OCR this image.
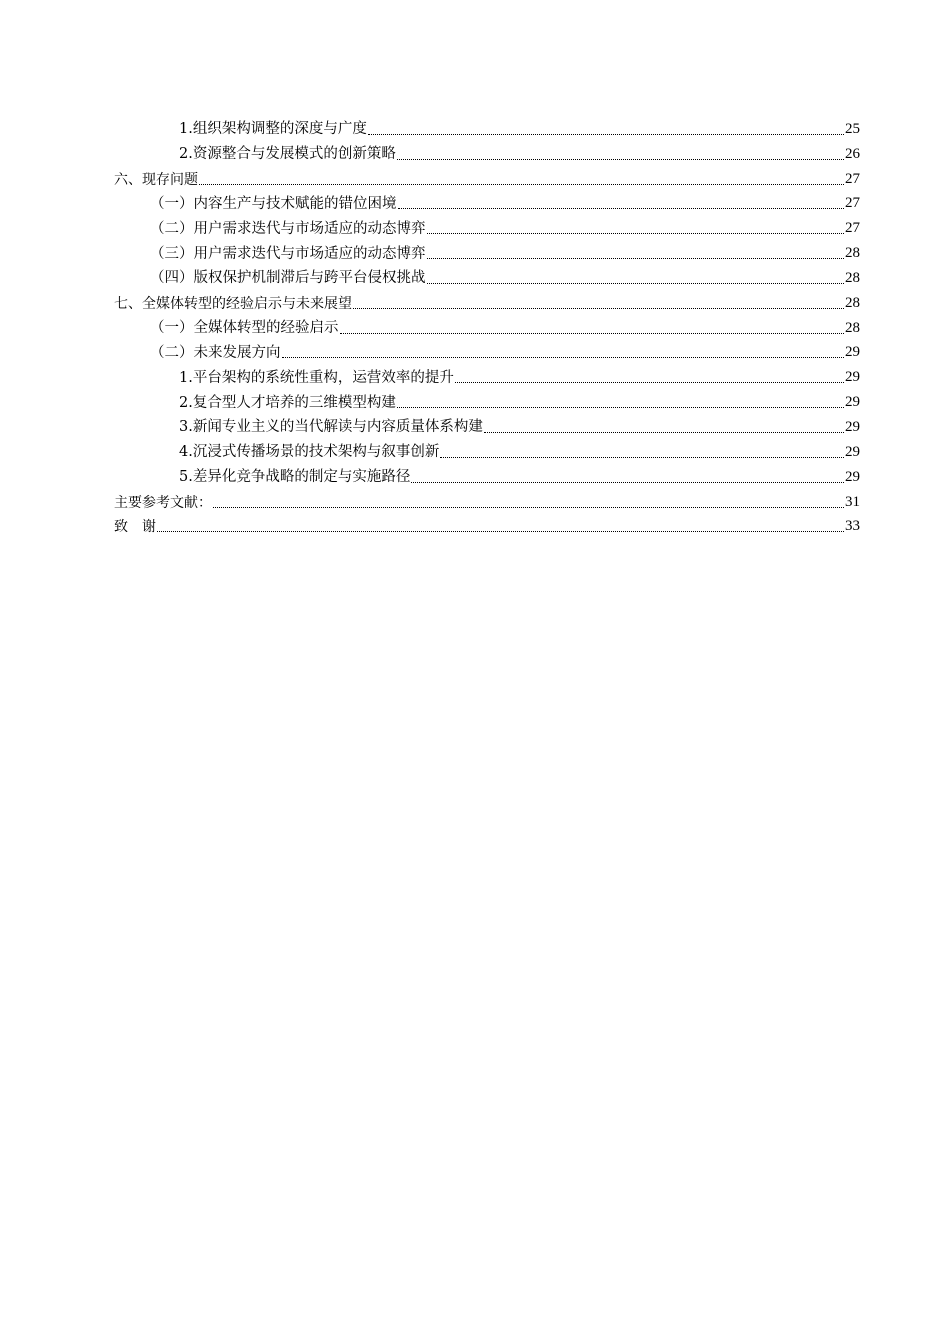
1.组织架构调整的深度与广度	25
2.资源整合与发展模式的创新策略	26
六、现存问题	27
（一）内容生产与技术赋能的错位困境	27
（二）用户需求迭代与市场适应的动态博弈	27
（三）用户需求迭代与市场适应的动态博弈	28
（四）版权保护机制滞后与跨平台侵权挑战	28
七、全媒体转型的经验启示与未来展望	28
（一）全媒体转型的经验启示	28
（二）未来发展方向	29
1.平台架构的系统性重构，运营效率的提升	29
2.复合型人才培养的三维模型构建	29
3.新闻专业主义的当代解读与内容质量体系构建	29
4.沉浸式传播场景的技术架构与叙事创新	29
5.差异化竞争战略的制定与实施路径	29
主要参考文献：	31
致　谢	33
